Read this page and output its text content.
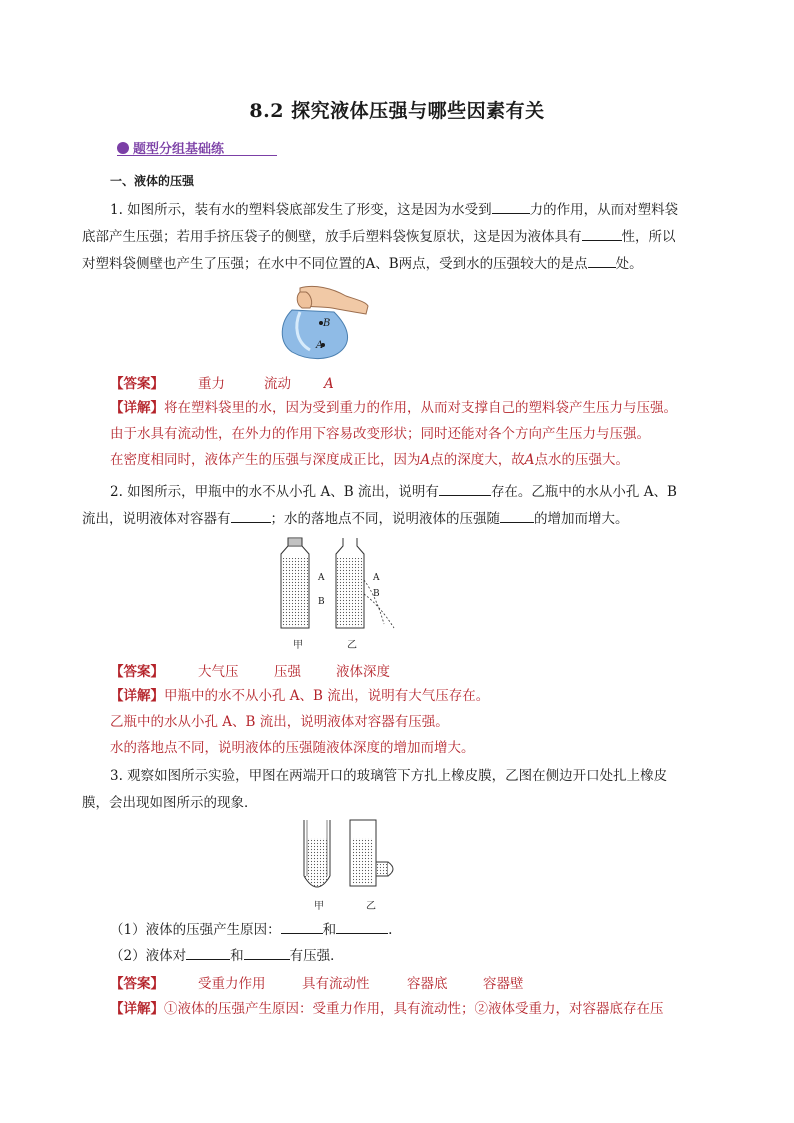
8.2 探究液体压强与哪些因素有关
题型分组基础练
一、液体的压强
1. 如图所示，装有水的塑料袋底部发生了形变，这是因为水受到	力的作用，从而对塑料袋
底部产生压强；若用手挤压袋子的侧壁，放手后塑料袋恢复原状，这是因为液体具有	性，所以
对塑料袋侧壁也产生了压强；在水中不同位置的A、B两点，受到水的压强较大的是点 处。
B
A
【答案】	重力	流动 A
【详解】将在塑料袋里的水，因为受到重力的作用，从而对支撑自己的塑料袋产生压力与压强。
由于水具有流动性，在外力的作用下容易改变形状；同时还能对各个方向产生压力与压强。
在密度相同时，液体产生的压强与深度成正比，因为A点的深度大，故A点水的压强大。
2. 如图所示，甲瓶中的水不从小孔 A、B 流出，说明有	存在。乙瓶中的水从小孔 A、B
流出，说明液体对容器有	；水的落地点不同，说明液体的压强随	的增加而增大。
A
B
A
B
甲	乙
【答案】	大气压	压强	液体深度
【详解】甲瓶中的水不从小孔 A、B 流出，说明有大气压存在。
乙瓶中的水从小孔 A、B 流出，说明液体对容器有压强。
水的落地点不同，说明液体的压强随液体深度的增加而增大。
3. 观察如图所示实验，甲图在两端开口的玻璃管下方扎上橡皮膜，乙图在侧边开口处扎上橡皮
膜，会出现如图所示的现象．
甲	乙
（1）液体的压强产生原因：	和	.
（2）液体对	和	有压强．
【答案】	受重力作用	具有流动性	容器底	容器壁
【详解】①液体的压强产生原因：受重力作用，具有流动性；②液体受重力，对容器底存在压
